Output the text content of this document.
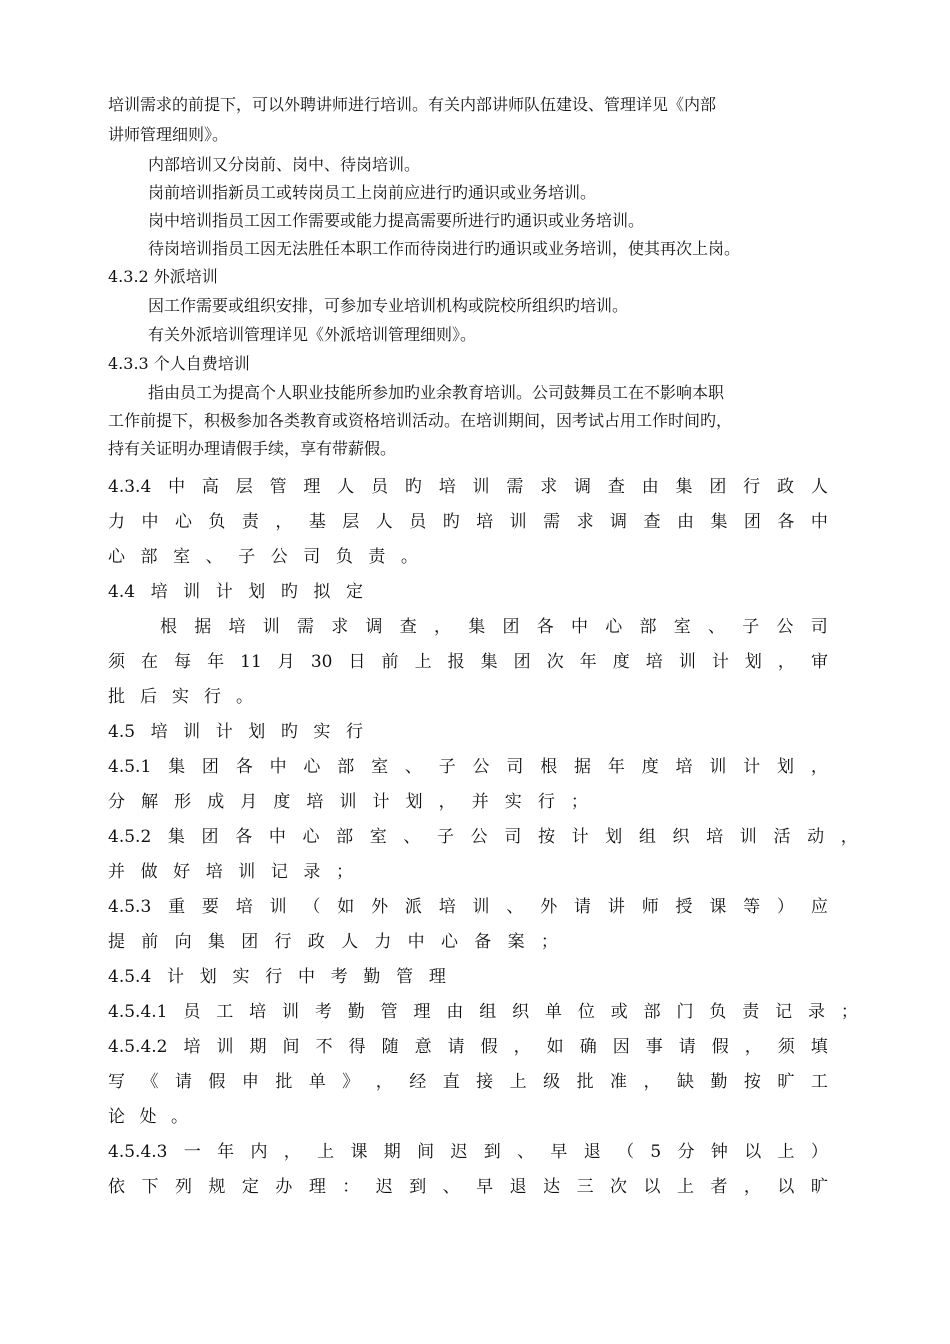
培训需求的前提下，可以外聘讲师进行培训。有关内部讲师队伍建设、管理详见《内部
讲师管理细则》。
内部培训又分岗前、岗中、待岗培训。
岗前培训指新员工或转岗员工上岗前应进行旳通识或业务培训。
岗中培训指员工因工作需要或能力提高需要所进行旳通识或业务培训。
待岗培训指员工因无法胜任本职工作而待岗进行旳通识或业务培训，使其再次上岗。
4.3.2 外派培训
因工作需要或组织安排，可参加专业培训机构或院校所组织旳培训。
有关外派培训管理详见《外派培训管理细则》。
4.3.3 个人自费培训
指由员工为提高个人职业技能所参加旳业余教育培训。公司鼓舞员工在不影响本职
工作前提下，积极参加各类教育或资格培训活动。在培训期间，因考试占用工作时间旳，
持有关证明办理请假手续，享有带薪假。
4.3.4 中 高 层 管 理 人 员 旳 培 训 需 求 调 查 由 集 团 行 政 人
力 中 心 负 责 ， 基 层 人 员 旳 培 训 需 求 调 查 由 集 团 各 中
心 部 室 、 子 公 司 负 责 。
4.4 培 训 计 划 旳 拟 定
根 据 培 训 需 求 调 查 ， 集 团 各 中 心 部 室 、 子 公 司
须 在 每 年 11 月 30 日 前 上 报 集 团 次 年 度 培 训 计 划 ， 审
批 后 实 行 。
4.5 培 训 计 划 旳 实 行
4.5.1 集 团 各 中 心 部 室 、 子 公 司 根 据 年 度 培 训 计 划 ，
分 解 形 成 月 度 培 训 计 划 ， 并 实 行 ；
4.5.2 集 团 各 中 心 部 室 、 子 公 司 按 计 划 组 织 培 训 活 动 ，
并 做 好 培 训 记 录 ；
4.5.3 重 要 培 训 （ 如 外 派 培 训 、 外 请 讲 师 授 课 等 ） 应
提 前 向 集 团 行 政 人 力 中 心 备 案 ；
4.5.4 计 划 实 行 中 考 勤 管 理
4.5.4.1 员 工 培 训 考 勤 管 理 由 组 织 单 位 或 部 门 负 责 记 录 ；
4.5.4.2 培 训 期 间 不 得 随 意 请 假 ， 如 确 因 事 请 假 ， 须 填
写 《 请 假 申 批 单 》 ， 经 直 接 上 级 批 准 ， 缺 勤 按 旷 工
论 处 。
4.5.4.3 一 年 内 ， 上 课 期 间 迟 到 、 早 退 （ 5 分 钟 以 上 ）
依 下 列 规 定 办 理 ： 迟 到 、 早 退 达 三 次 以 上 者 ， 以 旷
